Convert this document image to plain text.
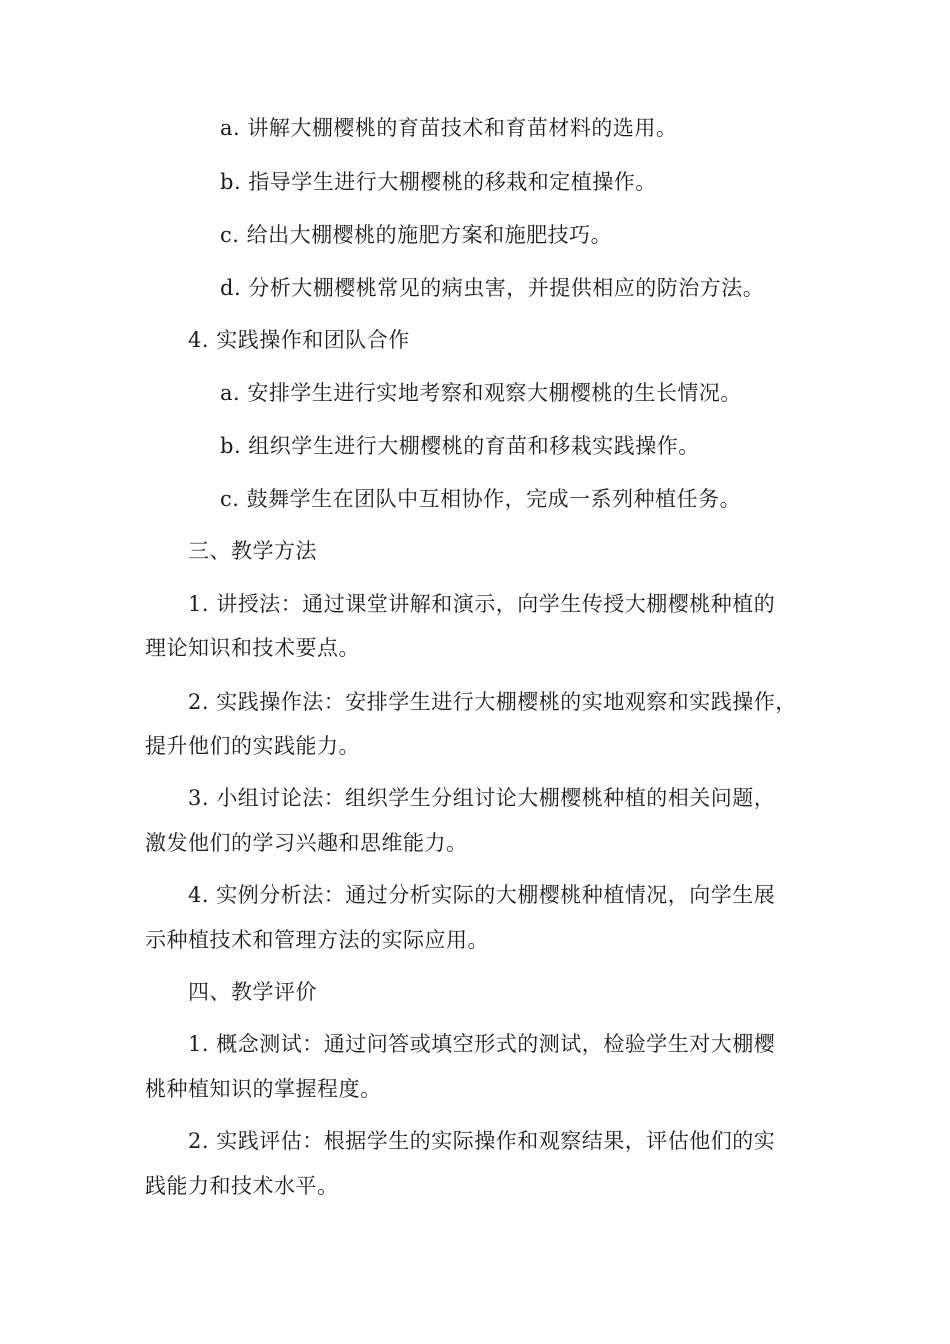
a. 讲解大棚樱桃的育苗技术和育苗材料的选用。
b. 指导学生进行大棚樱桃的移栽和定植操作。
c. 给出大棚樱桃的施肥方案和施肥技巧。
d. 分析大棚樱桃常见的病虫害，并提供相应的防治方法。
4. 实践操作和团队合作
a. 安排学生进行实地考察和观察大棚樱桃的生长情况。
b. 组织学生进行大棚樱桃的育苗和移栽实践操作。
c. 鼓舞学生在团队中互相协作，完成一系列种植任务。
三、教学方法
1. 讲授法：通过课堂讲解和演示，向学生传授大棚樱桃种植的
理论知识和技术要点。
2. 实践操作法：安排学生进行大棚樱桃的实地观察和实践操作，
提升他们的实践能力。
3. 小组讨论法：组织学生分组讨论大棚樱桃种植的相关问题，
激发他们的学习兴趣和思维能力。
4. 实例分析法：通过分析实际的大棚樱桃种植情况，向学生展
示种植技术和管理方法的实际应用。
四、教学评价
1. 概念测试：通过问答或填空形式的测试，检验学生对大棚樱
桃种植知识的掌握程度。
2. 实践评估：根据学生的实际操作和观察结果，评估他们的实
践能力和技术水平。
